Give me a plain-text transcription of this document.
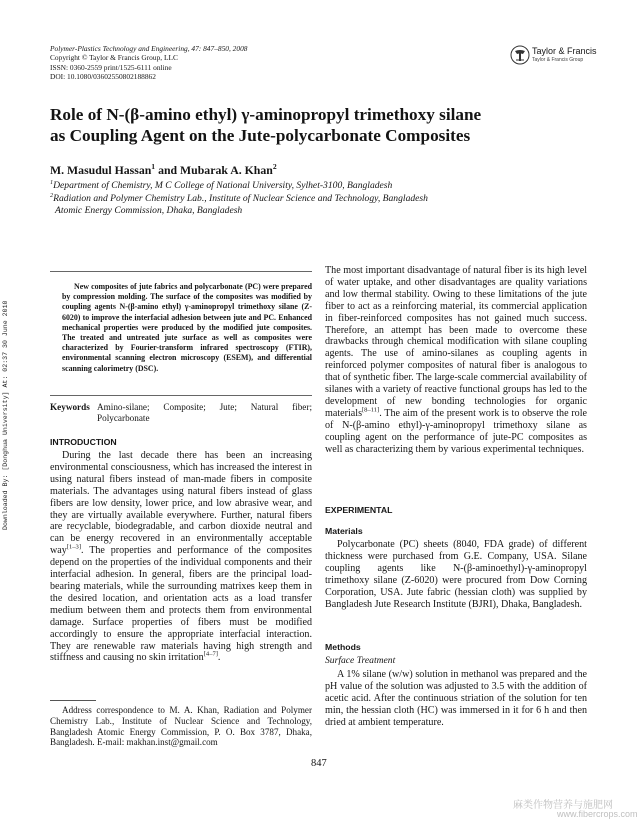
Polymer-Plastics Technology and Engineering, 47: 847–850, 2008
Copyright © Taylor & Francis Group, LLC
ISSN: 0360-2559 print/1525-6111 online
DOI: 10.1080/03602550802188862
Taylor & Francis
Taylor & Francis Group
Role of N-(β-amino ethyl) γ-aminopropyl trimethoxy silane
as Coupling Agent on the Jute-polycarbonate Composites
M. Masudul Hassan$^1$ and Mubarak A. Khan$^2$
$^1$Department of Chemistry, M C College of National University, Sylhet-3100, Bangladesh
$^2$Radiation and Polymer Chemistry Lab., Institute of Nuclear Science and Technology, Bangladesh
Atomic Energy Commission, Dhaka, Bangladesh
Downloaded By: [Donghua University] At: 02:37 30 June 2010
New composites of jute fabrics and polycarbonate (PC) were prepared by compression molding. The surface of the composites was modified by coupling agents N-(β-amino ethyl) γ-aminopropyl trimethoxy silane (Z-6020) to improve the interfacial adhesion between jute and PC. Enhanced mechanical properties were produced by the modified jute composites. The treated and untreated jute surface as well as composites were characterized by Fourier-transform infrared spectroscopy (FTIR), environmental scanning electron microscopy (ESEM), and differential scanning calorimetry (DSC).
Keywords Amino-silane; Composite; Jute; Natural fiber; Polycarbonate
INTRODUCTION
During the last decade there has been an increasing environmental consciousness, which has increased the interest in using natural fibers instead of man-made fibers in composite materials. The advantages using natural fibers instead of glass fibers are low density, lower price, and low abrasive wear, and they are virtually available everywhere. Further, natural fibers are recyclable, biodegradable, and carbon dioxide neutral and can be energy recovered in an environmentally acceptable way[1–3]. The properties and performance of the composites depend on the properties of the individual components and their interfacial adhesion. In general, fibers are the principal load-bearing materials, while the surrounding matrixes keep them in the desired location, and orientation acts as a load transfer medium between them and protects them from environmental damage. Surface properties of fibers must be modified accordingly to ensure the appropriate interfacial interaction. They are renewable raw materials having high strength and stiffness and causing no skin irritation[4–7].
Address correspondence to M. A. Khan, Radiation and Polymer Chemistry Lab., Institute of Nuclear Science and Technology, Bangladesh Atomic Energy Commission, P. O. Box 3787, Dhaka, Bangladesh. E-mail: makhan.inst@gmail.com
The most important disadvantage of natural fiber is its high level of water uptake, and other disadvantages are quality variations and low thermal stability. Owing to these limitations of the jute fiber to act as a reinforcing material, its commercial application in fiber-reinforced composites has not gained much success. Therefore, an attempt has been made to overcome these drawbacks through chemical modification with silane coupling agents. The use of amino-silanes as coupling agents in reinforced polymer composites of natural fiber is analogous to that of synthetic fiber. The large-scale commercial availability of silanes with a variety of reactive functional groups has led to the development of new bonding technologies for organic materials[8–11]. The aim of the present work is to observe the role of N-(β-amino ethyl)-γ-aminopropyl trimethoxy silane as coupling agent on the performance of jute-PC composites as well as characterizing them by various experimental techniques.
EXPERIMENTAL
Materials
Polycarbonate (PC) sheets (8040, FDA grade) of different thickness were purchased from G.E. Company, USA. Silane coupling agents like N-(β-aminoethyl)-γ-aminopropyl trimethoxy silane (Z-6020) were procured from Dow Corning Corporation, USA. Jute fabric (hessian cloth) was supplied by Bangladesh Jute Research Institute (BJRI), Dhaka, Bangladesh.
Methods
Surface Treatment
A 1% silane (w/w) solution in methanol was prepared and the pH value of the solution was adjusted to 3.5 with the addition of acetic acid. After the continuous striation of the solution for ten min, the hessian cloth (HC) was immersed in it for 6 h and then dried at ambient temperature.
847
麻类作物营养与施肥网
www.fibercrops.com
